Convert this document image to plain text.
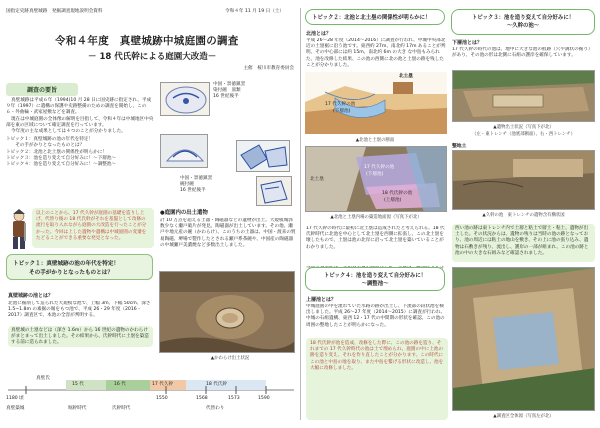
国指定史跡真壁城跡　発掘調査現地説明会資料	令和４年 11 月 19 日（土）
令和４年度　真壁城跡中城庭園の調査
－ 18 代氏幹による庭園大改造－
主催　桜川市教育委員会
調査の要旨
真壁城跡は平成６年（1994)10 月 28 日に国史跡に指定され、平成９年（1997）に遺構の保護や史跡整備のための調査を開始し、この６・外曲輪・武家屋敷などを調査。
現在は中城庭園の全体像の解明を目指して、令和４年は中城地区中央部を東の区域について確定調査を行っています。
今年度の主な成果としては４つのことが分かりました。
トピック１：真壁城跡の池の年代を特定！
　　その手がかりとなったものとは？
トピック２：北池と北土塁の関係性が明らかに！
トピック３：池を造り変えて自分好みに！〜下層池〜
トピック４：池を造り変えて自分好みに！〜調整池〜
以上のことから、17 代久幹が庭園の基礎を造りし上げ、代替り後の 18 代氏幹がそれを基盤として改修の流行を取り入れながら庭園の大改造を行ったことが分かった。今回は上した遺物や遺構は中城庭園の変遷をたどることができる重要な発見となった。
中国・景徳鎮窯
染付碗　皿類
16 世紀後半
中国・景徳鎮窯
碗付碗
16 世紀後半
●庭園内の出土遺物
計 10 万点を超える土器・陶磁器などの遺物が出土。大規模城郭数少なく瀬戸破片が発見。陶磁器が出土しています。その他、瀬戸や地元産の碗（かわらけ）、このうちの土器は、中国・渡来の貿易陶磁、堺場で製作したとされる瀬戸系茶碗や、中国産の陶磁器の中城瀬戸美濃焼など多数出土しました。
トピック１：真壁城跡の池の年代を特定！
その手がかりとなったものとは？
真壁城跡の池とは？
北池に掘削して造られた大規模な池で、上幅 3m、下幅 50cm、深さ 1.5~1.8m の素掘の堀をもつ池で、平成 26・29 年度（2016・2017）調査区で、本池の全容が判明する。
真壁城の土塁などは（深さ 1.6m）から 16 世紀の遺物のかわらけがまとまって出土しました。その結果から、氏幹時代に土塁を築造する前に造られました。
▲かわらけ出土状況
1180 頃
真壁氏
15 代	16 代	17 代久幹	18 代氏幹
1550	1568	1573	1590
真壁築城	堀幹時代	氏幹時代	代替わり
トピック２：北池と北土塁の関係性が明らかに！
北池とは？
平成 26〜28 年度（2014〜2016）に調査が行われ、中城中央部北辺の土塁裾に沿う池です。東西約 27m、南北約 17m あることが判明。その中心部には約 15m、南北約 6m の大き な中島もみられた。池を改修した結果、この池の西側に北の池と土塁の跡を残したことが分かりました。
北土塁
17 代久幹の池
(下層池)
▲北池と土塁の断面
17 代久幹の池
(下層池)
18 代氏幹の池
(上層池)
北土塁
▲北池と土塁内場の築造地面図（写真下が北）
17 代久幹の時代に最初に北土塁は造成されたと考えられる。18 代氏幹時代に北池を中心として北土塁を西側に拡張し、この北土塁を壊したもので、土塁は池の北岸に沿って北土塁を築いていることがわかりました。
トピック３：池を造り変えて自分好みに！
〜久幹の池〜
下層池とは？
17 代久幹の時代の池は、地中に大きな池の痕跡（穴や溝状の掘り）があり、その池の形は北側に石組の護岸を確保しています。
▲遺物出土状況（写真下が北）
（左・東トレンチ（池底部断面）、右・西トレンチ）
整地土
▲久幹の池　東トレンチの遺物含有構状図
西い池の跡は東トレンチ内で土層と粘土で層土・粘土、遺物が出土した。その状況からは、遺物の残りは当時の池の跡となっており、池の周辺には粘土の地山を敷き、その上に池の張り込み、遺物は石敷きが残り、流出し、護岸の一部が組まれ、この池の跡と池の中の大きな石組みなど確認されました。
トピック４：池を造り変えて自分好みに！
〜調整池〜
上層池とは？
中城庭園の中を流れていた水路の跡が出土し、下流部の段状池を検出しました。平成 26〜27 年度（2014〜2015）に調査が行われ、中城の石組遺構、東西 12・17 代の中間期の形状を確認。この池の周囲の整地したことが明らかになった。
18 代氏幹が池を造成、改修をした際に、この池の跡を造り、それまでの 17 代久幹時代の池は土で埋められ、庭園の中に上池の跡を造り変え、それを作り直したことが分かります。この時代にこの池と中島の地を取り、また中島を繋げる形状に改造し、池を大幅に改修しました。
▲調査区全体図（写真左が北）
